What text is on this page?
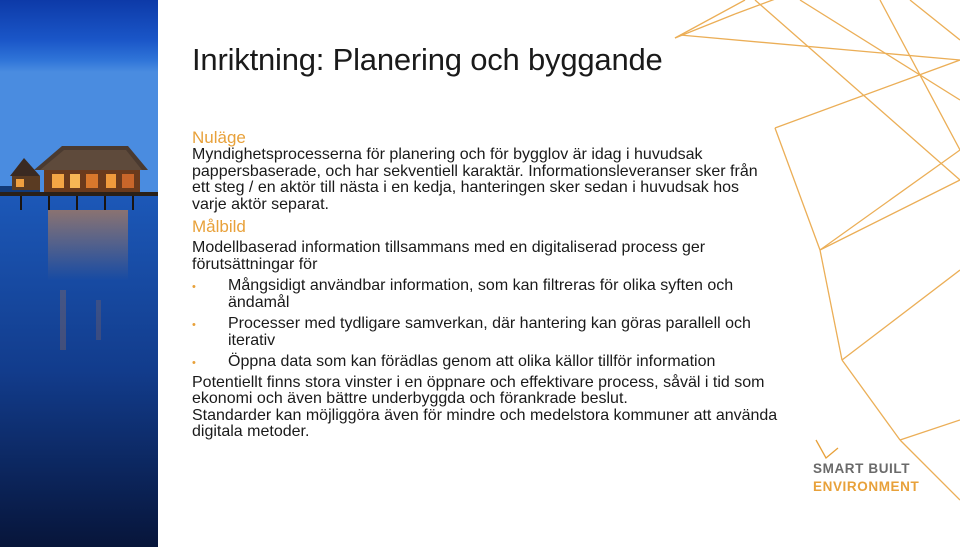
Inriktning: Planering och byggande

Nuläge

Myndighetsprocesserna för planering och för bygglov är idag i huvudsak pappersbaserade, och har sekventiell karaktär. Informationsleveranser sker från ett steg / en aktör till nästa i en kedja, hanteringen sker sedan i huvudsak hos varje aktör separat.

Målbild

Modellbaserad information tillsammans med en digitaliserad process ger förutsättningar för

• Mångsidigt användbar information, som kan filtreras för olika syften och ändamål
• Processer med tydligare samverkan, där hantering kan göras parallell och iterativ
• Öppna data som kan förädlas genom att olika källor tillför information

Potentiellt finns stora vinster i en öppnare och effektivare process, såväl i tid som ekonomi och även bättre underbyggda och förankrade beslut.

Standarder kan möjliggöra även för mindre och medelstora kommuner att använda digitala metoder.

SMART BUILT
ENVIRONMENT
